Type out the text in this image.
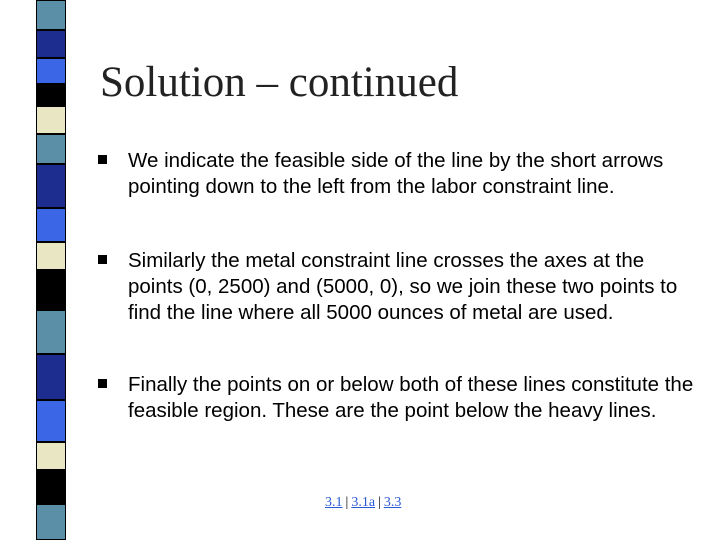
Solution – continued
We indicate the feasible side of the line by the short arrows pointing down to the left from the labor constraint line.
Similarly the metal constraint line crosses the axes at the points (0, 2500) and (5000, 0), so we join these two points to find the line where all 5000 ounces of metal are used.
Finally the points on or below both of these lines constitute the feasible region. These are the point below the heavy lines.
3.1 | 3.1a | 3.3
